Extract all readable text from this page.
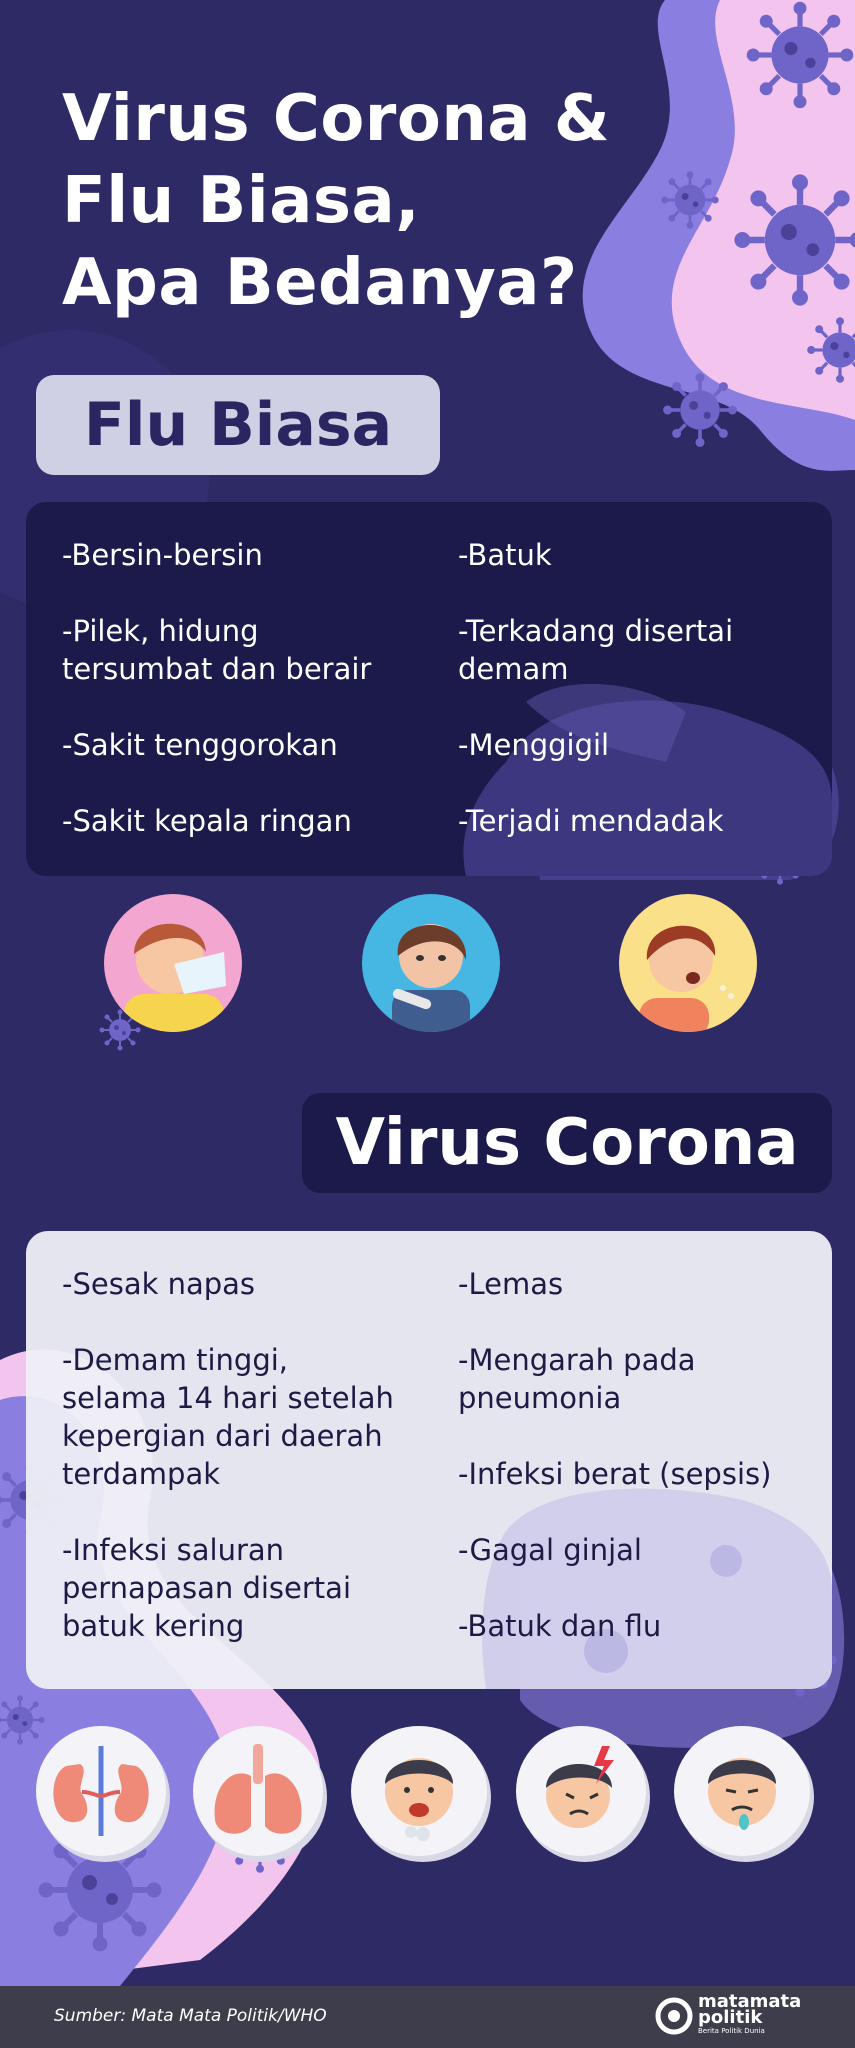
Virus Corona &
Flu Biasa,
Apa Bedanya?
Flu Biasa

-Bersin-bersin

-Pilek, hidung

tersumbat dan berair

-Sakit tenggorokan

-Sakit kepala ringan

-Batuk

-Terkadang disertai

demam

-Menggigil

-Terjadi mendadak

Virus Corona

-Sesak napas

-Demam tinggi,

selama 14 hari setelah

kepergian dari daerah

terdampak

-Infeksi saluran

pernapasan disertai

batuk kering

-Lemas

-Mengarah pada

pneumonia

-Infeksi berat (sepsis)

-Gagal ginjal

-Batuk dan flu

Sumber: Mata Mata Politik/WHO
matamata
politik
Berita Politik Dunia
